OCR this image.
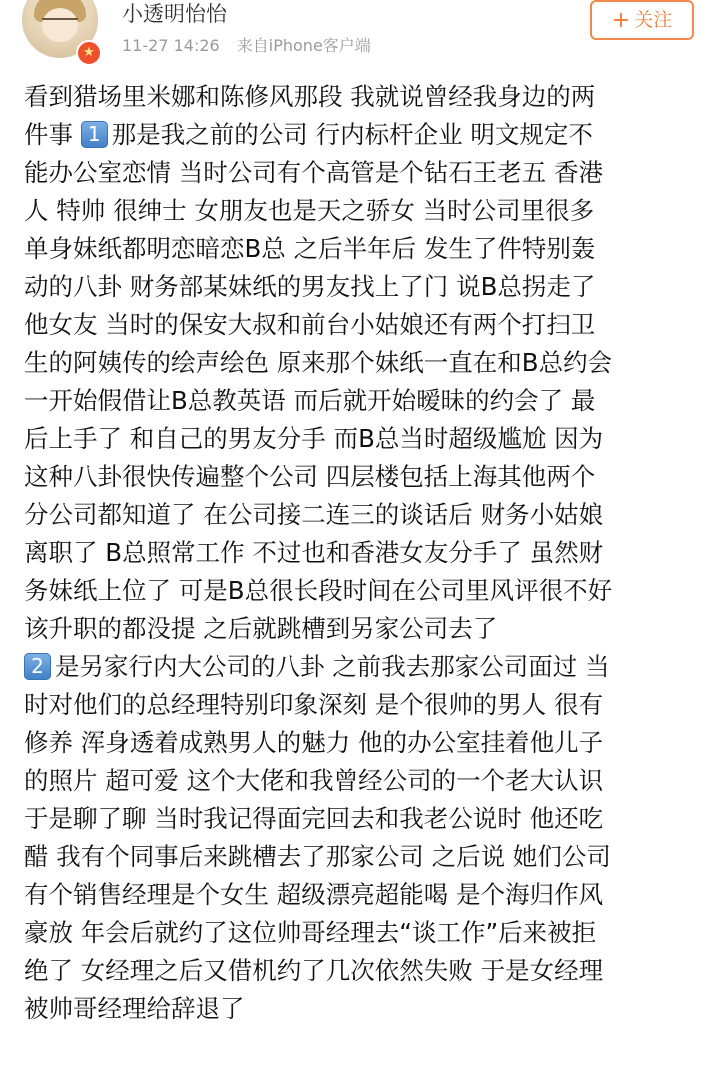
★
小透明怡怡
11-27 14:26 来自iPhone客户端
+ 关注
看到猎场里米娜和陈修风那段 我就说曾经我身边的两
件事 1 那是我之前的公司 行内标杆企业 明文规定不
能办公室恋情 当时公司有个高管是个钻石王老五 香港
人 特帅 很绅士 女朋友也是天之骄女 当时公司里很多
单身妹纸都明恋暗恋B总 之后半年后 发生了件特别轰
动的八卦 财务部某妹纸的男友找上了门 说B总拐走了
他女友 当时的保安大叔和前台小姑娘还有两个打扫卫
生的阿姨传的绘声绘色 原来那个妹纸一直在和B总约会
一开始假借让B总教英语 而后就开始暧昧的约会了 最
后上手了 和自己的男友分手 而B总当时超级尴尬 因为
这种八卦很快传遍整个公司 四层楼包括上海其他两个
分公司都知道了 在公司接二连三的谈话后 财务小姑娘
离职了 B总照常工作 不过也和香港女友分手了 虽然财
务妹纸上位了 可是B总很长段时间在公司里风评很不好
该升职的都没提 之后就跳槽到另家公司去了
2 是另家行内大公司的八卦 之前我去那家公司面过 当
时对他们的总经理特别印象深刻 是个很帅的男人 很有
修养 浑身透着成熟男人的魅力 他的办公室挂着他儿子
的照片 超可爱 这个大佬和我曾经公司的一个老大认识
于是聊了聊 当时我记得面完回去和我老公说时 他还吃
醋 我有个同事后来跳槽去了那家公司 之后说 她们公司
有个销售经理是个女生 超级漂亮超能喝 是个海归作风
豪放 年会后就约了这位帅哥经理去“谈工作”后来被拒
绝了 女经理之后又借机约了几次依然失败 于是女经理
被帅哥经理给辞退了
